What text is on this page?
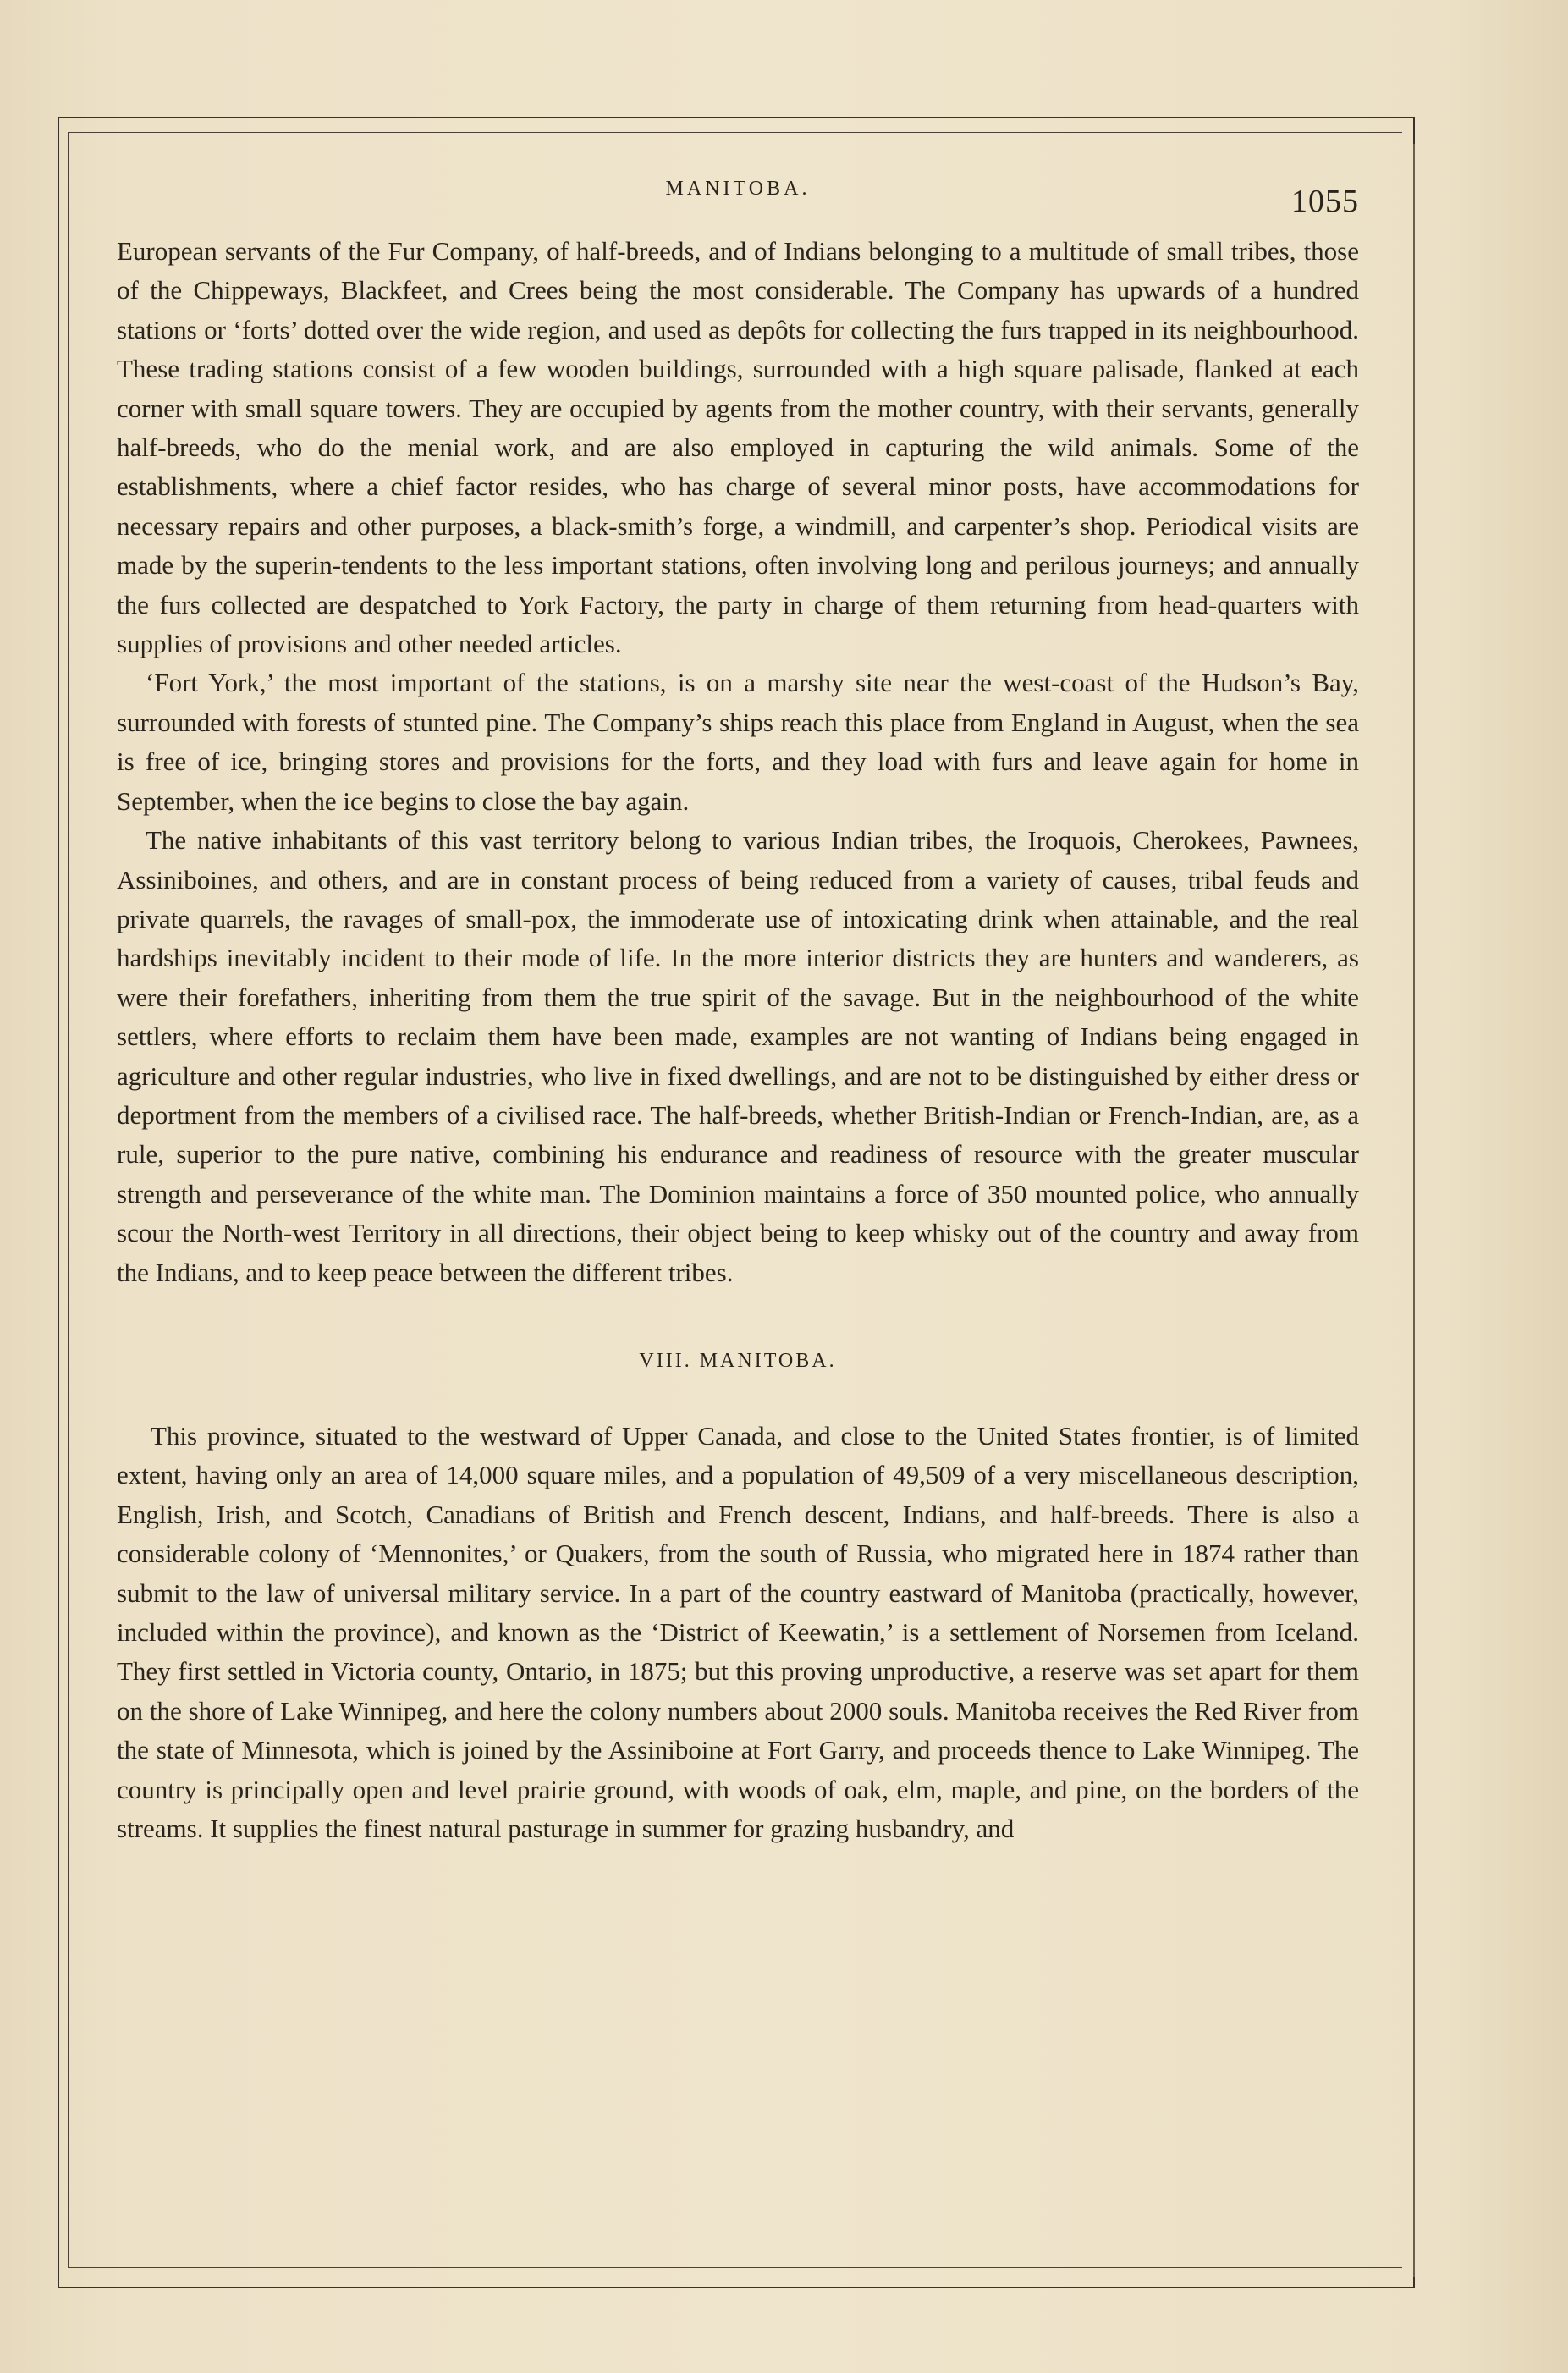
MANITOBA.	1055

European servants of the Fur Company, of half-breeds, and of Indians belonging to a multitude of small tribes, those of the Chippeways, Blackfeet, and Crees being the most considerable. The Company has upwards of a hundred stations or ‘forts’ dotted over the wide region, and used as depôts for collecting the furs trapped in its neighbourhood. These trading stations consist of a few wooden buildings, surrounded with a high square palisade, flanked at each corner with small square towers. They are occupied by agents from the mother country, with their servants, generally half-breeds, who do the menial work, and are also employed in capturing the wild animals. Some of the establishments, where a chief factor resides, who has charge of several minor posts, have accommodations for necessary repairs and other purposes, a black-smith’s forge, a windmill, and carpenter’s shop. Periodical visits are made by the superin-tendents to the less important stations, often involving long and perilous journeys; and annually the furs collected are despatched to York Factory, the party in charge of them returning from head-quarters with supplies of provisions and other needed articles.

‘Fort York,’ the most important of the stations, is on a marshy site near the west-coast of the Hudson’s Bay, surrounded with forests of stunted pine. The Company’s ships reach this place from England in August, when the sea is free of ice, bringing stores and provisions for the forts, and they load with furs and leave again for home in September, when the ice begins to close the bay again.

The native inhabitants of this vast territory belong to various Indian tribes, the Iroquois, Cherokees, Pawnees, Assiniboines, and others, and are in constant process of being reduced from a variety of causes, tribal feuds and private quarrels, the ravages of small-pox, the immoderate use of intoxicating drink when attainable, and the real hardships inevitably incident to their mode of life. In the more interior districts they are hunters and wanderers, as were their forefathers, inheriting from them the true spirit of the savage. But in the neighbourhood of the white settlers, where efforts to reclaim them have been made, examples are not wanting of Indians being engaged in agriculture and other regular industries, who live in fixed dwellings, and are not to be distinguished by either dress or deportment from the members of a civilised race. The half-breeds, whether British-Indian or French-Indian, are, as a rule, superior to the pure native, combining his endurance and readiness of resource with the greater muscular strength and perseverance of the white man. The Dominion maintains a force of 350 mounted police, who annually scour the North-west Territory in all directions, their object being to keep whisky out of the country and away from the Indians, and to keep peace between the different tribes.

VIII. MANITOBA.

This province, situated to the westward of Upper Canada, and close to the United States frontier, is of limited extent, having only an area of 14,000 square miles, and a population of 49,509 of a very miscellaneous description, English, Irish, and Scotch, Canadians of British and French descent, Indians, and half-breeds. There is also a considerable colony of ‘Mennonites,’ or Quakers, from the south of Russia, who migrated here in 1874 rather than submit to the law of universal military service. In a part of the country eastward of Manitoba (practically, however, included within the province), and known as the ‘District of Keewatin,’ is a settlement of Norsemen from Iceland. They first settled in Victoria county, Ontario, in 1875; but this proving unproductive, a reserve was set apart for them on the shore of Lake Winnipeg, and here the colony numbers about 2000 souls. Manitoba receives the Red River from the state of Minnesota, which is joined by the Assiniboine at Fort Garry, and proceeds thence to Lake Winnipeg. The country is principally open and level prairie ground, with woods of oak, elm, maple, and pine, on the borders of the streams. It supplies the finest natural pasturage in summer for grazing husbandry, and
